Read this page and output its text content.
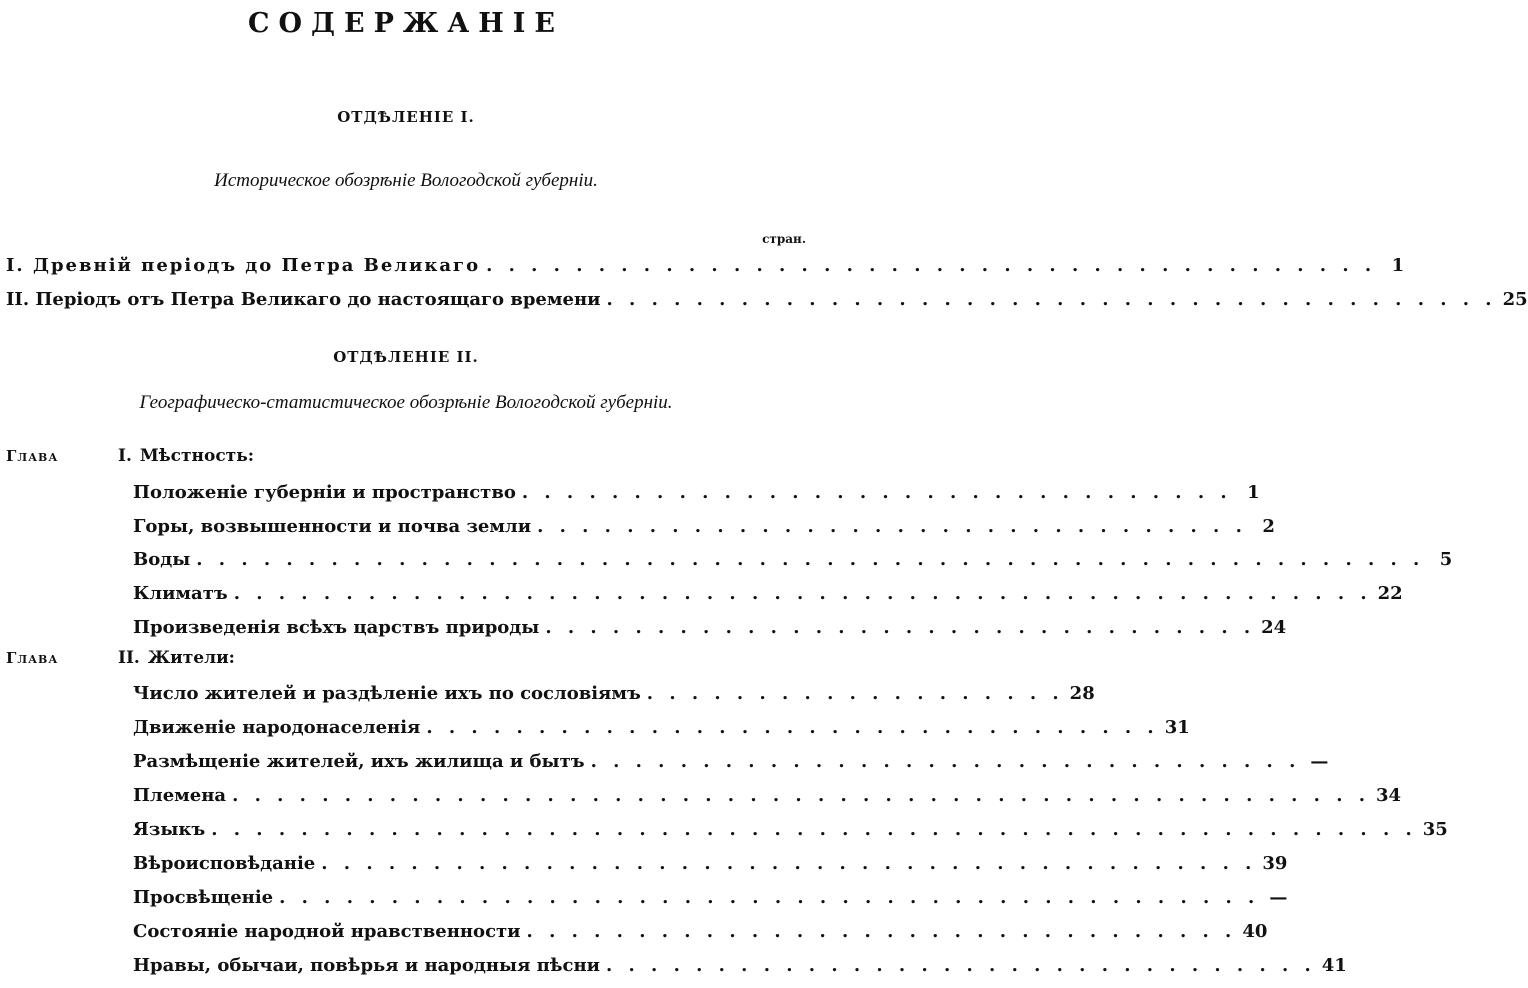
СОДЕРЖАНIЕ
ОТДѢЛЕНIЕ I.
Историческое обозрѣнiе Вологодской губернiи.
стран.
I. Древнiй перiодъ до Петра Великаго . . . . . . . . . . . . . . . . . . . . . . . . . . . . . . . . . . . . . . . . 1
II. Перiодъ отъ Петра Великаго до настоящаго времени . . . . . . . . . . . . . . . . . . . . . . . . . . . . . . . . . . . . . . . . 25
ОТДѢЛЕНIЕ II.
Географическо-статистическое обозрѣнiе Вологодской губернiи.
Глава	I. Мѣстность:
Положенiе губернiи и пространство . . . . . . . . . . . . . . . . . . . . . . . . . . . . . . . . 1
Горы, возвышенности и почва земли . . . . . . . . . . . . . . . . . . . . . . . . . . . . . . . . 2
Воды . . . . . . . . . . . . . . . . . . . . . . . . . . . . . . . . . . . . . . . . . . . . . . . . . . . . . . . 5
Климатъ . . . . . . . . . . . . . . . . . . . . . . . . . . . . . . . . . . . . . . . . . . . . . . . . . . . 22
Произведенiя всѣхъ царствъ природы . . . . . . . . . . . . . . . . . . . . . . . . . . . . . . . . 24
Глава	II. Жители:
Число жителей и раздѣленiе ихъ по сословiямъ . . . . . . . . . . . . . . . . . . . 28
Движенiе народонаселенiя . . . . . . . . . . . . . . . . . . . . . . . . . . . . . . . . . 31
Размѣщенiе жителей, ихъ жилища и бытъ . . . . . . . . . . . . . . . . . . . . . . . . . . . . . . . . —
Племена . . . . . . . . . . . . . . . . . . . . . . . . . . . . . . . . . . . . . . . . . . . . . . . . . . . 34
Языкъ . . . . . . . . . . . . . . . . . . . . . . . . . . . . . . . . . . . . . . . . . . . . . . . . . . . . . . 35
Вѣроисповѣданiе . . . . . . . . . . . . . . . . . . . . . . . . . . . . . . . . . . . . . . . . . . 39
Просвѣщенiе . . . . . . . . . . . . . . . . . . . . . . . . . . . . . . . . . . . . . . . . . . . . —
Состоянiе народной нравственности . . . . . . . . . . . . . . . . . . . . . . . . . . . . . . . . 40
Нравы, обычаи, повѣрья и народныя пѣсни . . . . . . . . . . . . . . . . . . . . . . . . . . . . . . . . 41
